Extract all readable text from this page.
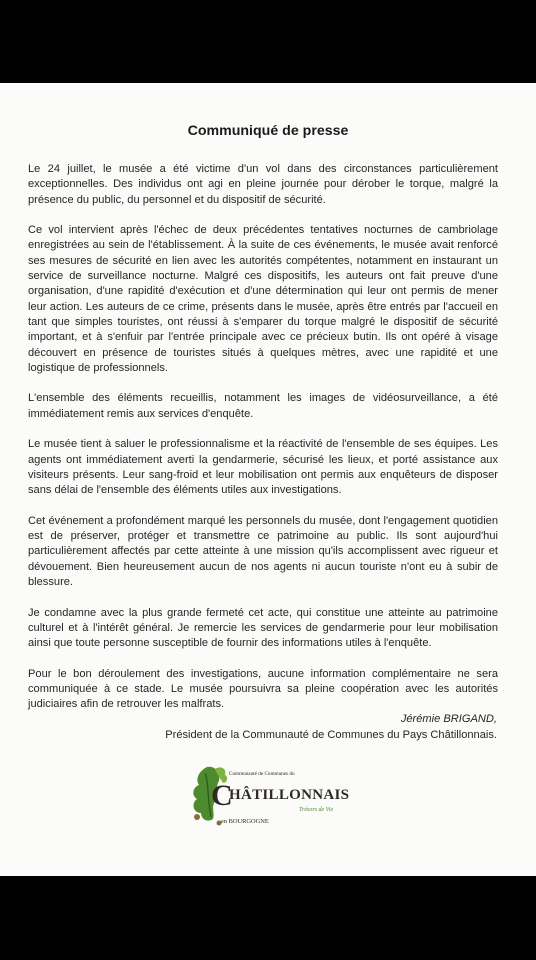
Communiqué de presse

Le 24 juillet, le musée a été victime d'un vol dans des circonstances particulièrement exceptionnelles. Des individus ont agi en pleine journée pour dérober le torque, malgré la présence du public, du personnel et du dispositif de sécurité.

Ce vol intervient après l'échec de deux précédentes tentatives nocturnes de cambriolage enregistrées au sein de l'établissement. À la suite de ces événements, le musée avait renforcé ses mesures de sécurité en lien avec les autorités compétentes, notamment en instaurant un service de surveillance nocturne. Malgré ces dispositifs, les auteurs ont fait preuve d'une organisation, d'une rapidité d'exécution et d'une détermination qui leur ont permis de mener leur action. Les auteurs de ce crime, présents dans le musée, après être entrés par l'accueil en tant que simples touristes, ont réussi à s'emparer du torque malgré le dispositif de sécurité important, et à s'enfuir par l'entrée principale avec ce précieux butin. Ils ont opéré à visage découvert en présence de touristes situés à quelques mètres, avec une rapidité et une logistique de professionnels.

L'ensemble des éléments recueillis, notamment les images de vidéosurveillance, a été immédiatement remis aux services d'enquête.

Le musée tient à saluer le professionnalisme et la réactivité de l'ensemble de ses équipes. Les agents ont immédiatement averti la gendarmerie, sécurisé les lieux, et porté assistance aux visiteurs présents. Leur sang-froid et leur mobilisation ont permis aux enquêteurs de disposer sans délai de l'ensemble des éléments utiles aux investigations.

Cet événement a profondément marqué les personnels du musée, dont l'engagement quotidien est de préserver, protéger et transmettre ce patrimoine au public. Ils sont aujourd'hui particulièrement affectés par cette atteinte à une mission qu'ils accomplissent avec rigueur et dévouement. Bien heureusement aucun de nos agents ni aucun touriste n'ont eu à subir de blessure.

Je condamne avec la plus grande fermeté cet acte, qui constitue une atteinte au patrimoine culturel et à l'intérêt général. Je remercie les services de gendarmerie pour leur mobilisation ainsi que toute personne susceptible de fournir des informations utiles à l'enquête.

Pour le bon déroulement des investigations, aucune information complémentaire ne sera communiquée à ce stade. Le musée poursuivra sa pleine coopération avec les autorités judiciaires afin de retrouver les malfrats.

Jérémie BRIGAND,
Président de la Communauté de Communes du Pays Châtillonnais.
C
Communauté de Communes du
HÂTILLONNAIS
Trésors de Vie
en BOURGOGNE
